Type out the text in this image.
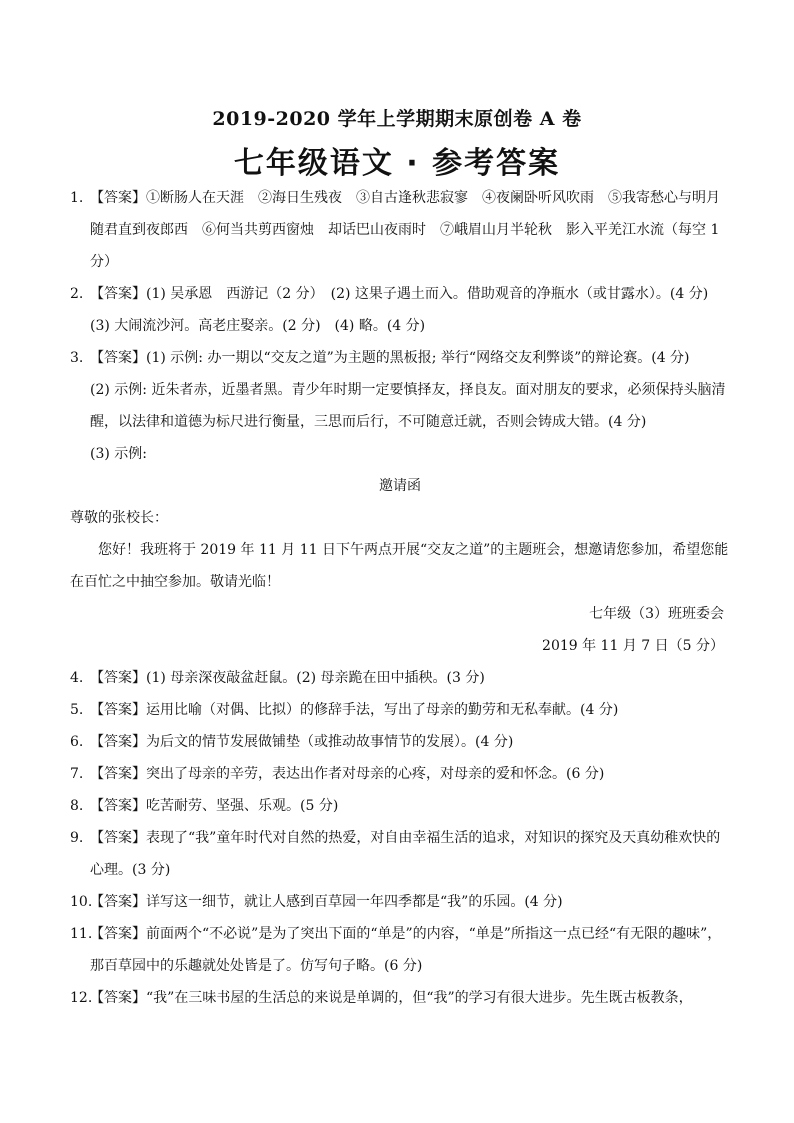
2019-2020 学年上学期期末原创卷 A 卷
七年级语文 · 参考答案

1. 【答案】①断肠人在天涯　②海日生残夜　③自古逢秋悲寂寥　④夜阑卧听风吹雨　⑤我寄愁心与明月随君直到夜郎西　⑥何当共剪西窗烛　却话巴山夜雨时　⑦峨眉山月半轮秋　影入平羌江水流（每空 1 分）

2. 【答案】(1) 吴承恩　西游记（2 分）　(2) 这果子遇土而入。借助观音的净瓶水（或甘露水）。(4 分)

(3) 大闹流沙河。高老庄娶亲。(2 分)　(4) 略。(4 分)

3. 【答案】(1) 示例: 办一期以“交友之道”为主题的黑板报; 举行“网络交友利弊谈”的辩论赛。(4 分)

(2) 示例: 近朱者赤，近墨者黑。青少年时期一定要慎择友，择良友。面对朋友的要求，必须保持头脑清醒，以法律和道德为标尺进行衡量，三思而后行，不可随意迁就，否则会铸成大错。(4 分)

(3) 示例:

邀请函

尊敬的张校长：

您好！我班将于 2019 年 11 月 11 日下午两点开展“交友之道”的主题班会，想邀请您参加，希望您能在百忙之中抽空参加。敬请光临！

七年级（3）班班委会

2019 年 11 月 7 日（5 分）

4. 【答案】(1) 母亲深夜敲盆赶鼠。(2) 母亲跪在田中插秧。(3 分)

5. 【答案】运用比喻（对偶、比拟）的修辞手法，写出了母亲的勤劳和无私奉献。(4 分)

6. 【答案】为后文的情节发展做铺垫（或推动故事情节的发展）。(4 分)

7. 【答案】突出了母亲的辛劳，表达出作者对母亲的心疼，对母亲的爱和怀念。(6 分)

8. 【答案】吃苦耐劳、坚强、乐观。(5 分)

9. 【答案】表现了“我”童年时代对自然的热爱，对自由幸福生活的追求，对知识的探究及天真幼稚欢快的心理。(3 分)

10.
【答案】详写这一细节，就让人感到百草园一年四季都是“我”的乐园。(4 分)

11.
【答案】前面两个“不必说”是为了突出下面的“单是”的内容，“单是”所指这一点已经“有无限的趣味”，那百草园中的乐趣就处处皆是了。仿写句子略。(6 分)

12.
【答案】“我”在三味书屋的生活总的来说是单调的，但“我”的学习有很大进步。先生既古板教条，
